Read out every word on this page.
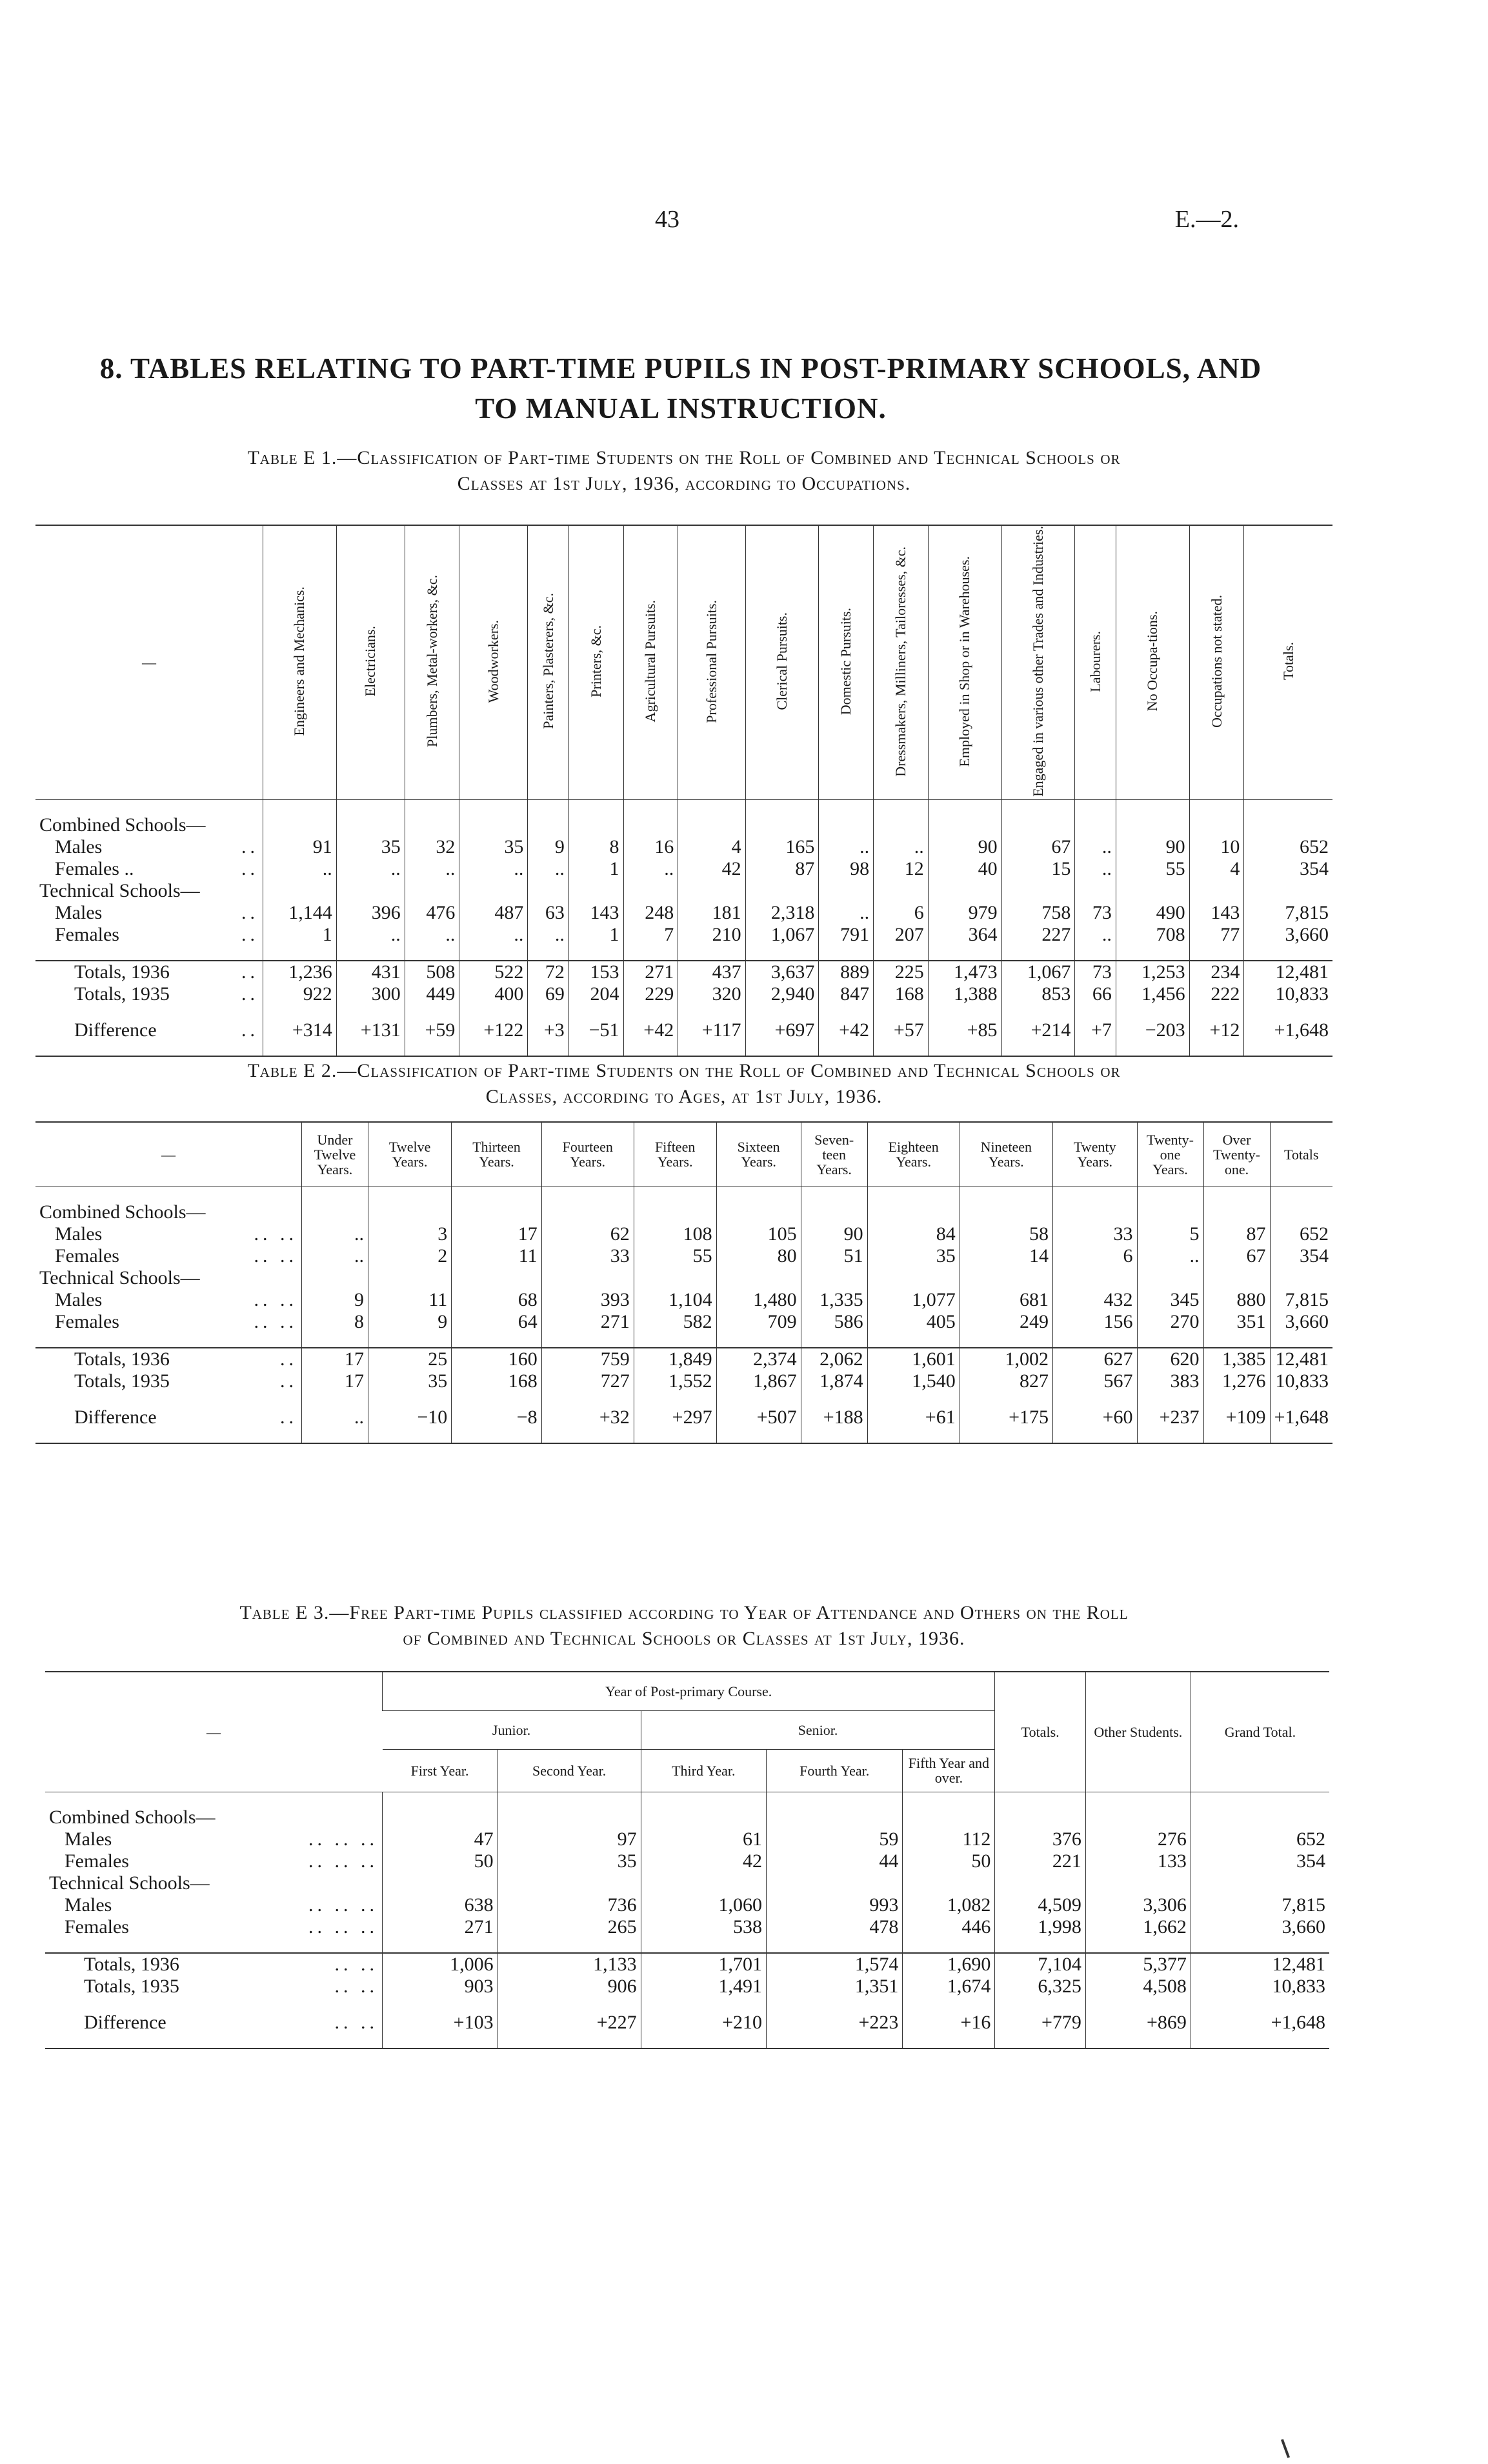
43	E.—2.
8. TABLES RELATING TO PART-TIME PUPILS IN POST-PRIMARY SCHOOLS, AND
TO MANUAL INSTRUCTION.
Table E 1.—Classification of Part-time Students on the Roll of Combined and Technical Schools or
Classes at 1st July, 1936, according to Occupations.
—	Engineers and Mechanics.	Electricians.	Plumbers, Metal-workers, &c.	Woodworkers.	Painters, Plasterers, &c.	Printers, &c.	Agricultural Pursuits.	Professional Pursuits.	Clerical Pursuits.	Domestic Pursuits.	Dressmakers, Milliners, Tailoresses, &c.	Employed in Shop or in Warehouses.	Engaged in various other Trades and Industries.	Labourers.	No Occupa-tions.	Occupations not stated.	Totals.

Combined Schools—																	
Males ..	91	35	32	35	9	8	16	4	165	..	..	90	67	..	90	10	652
Females .. ..	..	..	..	..	..	1	..	42	87	98	12	40	15	..	55	4	354
Technical Schools—																	
Males ..	1,144	396	476	487	63	143	248	181	2,318	..	6	979	758	73	490	143	7,815
Females ..	1	..	..	..	..	1	7	210	1,067	791	207	364	227	..	708	77	3,660

Totals, 1936 ..	1,236	431	508	522	72	153	271	437	3,637	889	225	1,473	1,067	73	1,253	234	12,481
Totals, 1935 ..	922	300	449	400	69	204	229	320	2,940	847	168	1,388	853	66	1,456	222	10,833

Difference ..	+314	+131	+59	+122	+3	−51	+42	+117	+697	+42	+57	+85	+214	+7	−203	+12	+1,648

Table E 2.—Classification of Part-time Students on the Roll of Combined and Technical Schools or
Classes, according to Ages, at 1st July, 1936.
—	Under Twelve Years.	Twelve Years.	Thirteen Years.	Fourteen Years.	Fifteen Years.	Sixteen Years.	Seven-teen Years.	Eighteen Years.	Nineteen Years.	Twenty Years.	Twenty-one Years.	Over Twenty-one.	Totals

Combined Schools—													
Males .. ..	..	3	17	62	108	105	90	84	58	33	5	87	652
Females .. ..	..	2	11	33	55	80	51	35	14	6	..	67	354
Technical Schools—													
Males .. ..	9	11	68	393	1,104	1,480	1,335	1,077	681	432	345	880	7,815
Females .. ..	8	9	64	271	582	709	586	405	249	156	270	351	3,660

Totals, 1936 ..	17	25	160	759	1,849	2,374	2,062	1,601	1,002	627	620	1,385	12,481
Totals, 1935 ..	17	35	168	727	1,552	1,867	1,874	1,540	827	567	383	1,276	10,833

Difference ..	..	−10	−8	+32	+297	+507	+188	+61	+175	+60	+237	+109	+1,648

Table E 3.—Free Part-time Pupils classified according to Year of Attendance and Others on the Roll
of Combined and Technical Schools or Classes at 1st July, 1936.
—	Year of Post-primary Course.					Totals.	Other Students.	Grand Total.
	Junior.		Senior.					
	First Year.	Second Year.	Third Year.	Fourth Year.	Fifth Year and over.			

Combined Schools—								
Males .. .. ..	47	97	61	59	112	376	276	652
Females .. .. ..	50	35	42	44	50	221	133	354
Technical Schools—								
Males .. .. ..	638	736	1,060	993	1,082	4,509	3,306	7,815
Females .. .. ..	271	265	538	478	446	1,998	1,662	3,660

Totals, 1936 .. ..	1,006	1,133	1,701	1,574	1,690	7,104	5,377	12,481
Totals, 1935 .. ..	903	906	1,491	1,351	1,674	6,325	4,508	10,833

Difference .. ..	+103	+227	+210	+223	+16	+779	+869	+1,648
